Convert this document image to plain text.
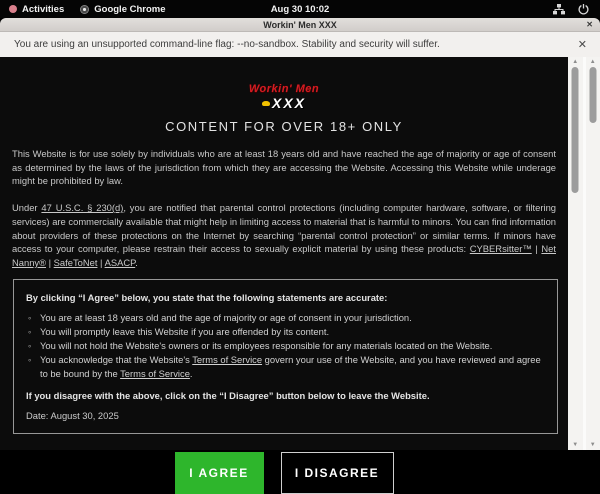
Activities	Google Chrome	Aug 30 10:02
Workin' Men XXX	✕
You are using an unsupported command-line flag: --no-sandbox. Stability and security will suffer.	✕
Workin' Men
XXX
CONTENT FOR OVER 18+ ONLY

This Website is for use solely by individuals who are at least 18 years old and have reached the age of majority or age of consent as determined by the laws of the jurisdiction from which they are accessing the Website. Accessing this Website while underage might be prohibited by law.

Under 47 U.S.C. § 230(d), you are notified that parental control protections (including computer hardware, software, or filtering services) are commercially available that might help in limiting access to material that is harmful to minors. You can find information about providers of these protections on the Internet by searching “parental control protection” or similar terms. If minors have access to your computer, please restrain their access to sexually explicit material by using these products: CYBERsitter™ | Net Nanny® | SafeToNet | ASACP.

By clicking “I Agree” below, you state that the following statements are accurate:
◦ You are at least 18 years old and the age of majority or age of consent in your jurisdiction.
◦ You will promptly leave this Website if you are offended by its content.
◦ You will not hold the Website's owners or its employees responsible for any materials located on the Website.
◦ You acknowledge that the Website's Terms of Service govern your use of the Website, and you have reviewed and agree to be bound by the Terms of Service.
If you disagree with the above, click on the “I Disagree” button below to leave the Website.
Date: August 30, 2025
I AGREE	I DISAGREE
▲
▼
▲
▼
